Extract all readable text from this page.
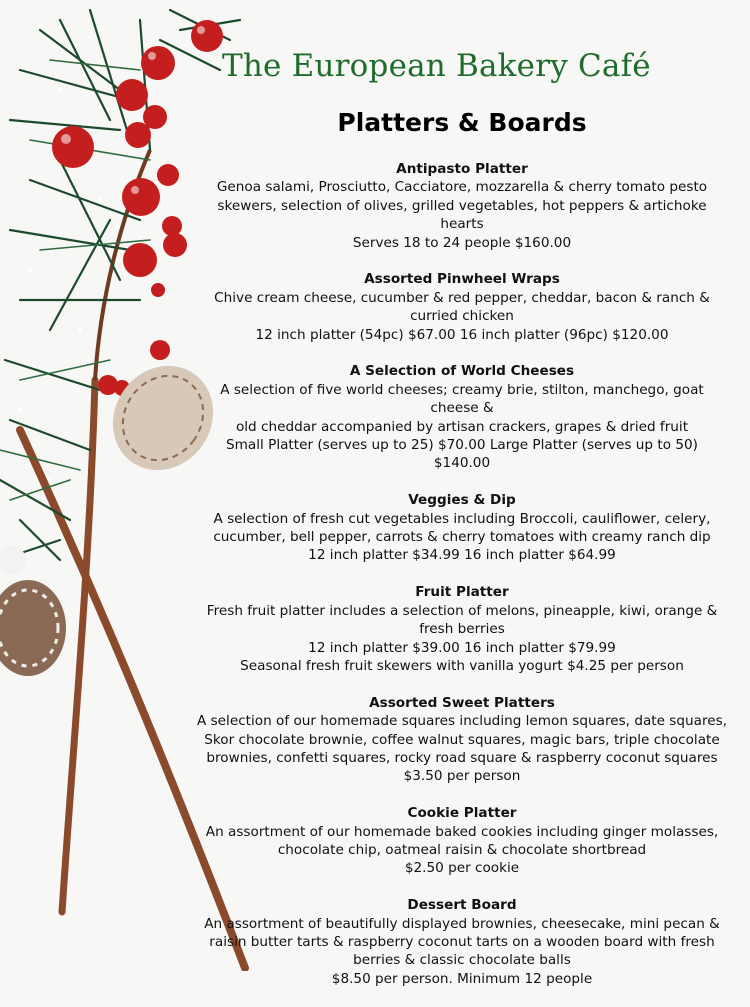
The European Bakery Café
Platters & Boards

Antipasto Platter

Genoa salami, Prosciutto, Cacciatore, mozzarella & cherry tomato pesto

skewers, selection of olives, grilled vegetables, hot peppers & artichoke hearts

Serves 18 to 24 people $160.00

Assorted Pinwheel Wraps

Chive cream cheese, cucumber & red pepper, cheddar, bacon & ranch &

curried chicken

12 inch platter (54pc) $67.00 16 inch platter (96pc) $120.00

A Selection of World Cheeses

A selection of five world cheeses; creamy brie, stilton, manchego, goat cheese &

old cheddar accompanied by artisan crackers, grapes & dried fruit

Small Platter (serves up to 25) $70.00 Large Platter (serves up to 50) $140.00

Veggies & Dip

A selection of fresh cut vegetables including Broccoli, cauliflower, celery,

cucumber, bell pepper, carrots & cherry tomatoes with creamy ranch dip

12 inch platter $34.99 16 inch platter $64.99

Fruit Platter

Fresh fruit platter includes a selection of melons, pineapple, kiwi, orange &

fresh berries

12 inch platter $39.00 16 inch platter $79.99

Seasonal fresh fruit skewers with vanilla yogurt $4.25 per person

Assorted Sweet Platters

A selection of our homemade squares including lemon squares, date squares,

Skor chocolate brownie, coffee walnut squares, magic bars, triple chocolate

brownies, confetti squares, rocky road square & raspberry coconut squares

$3.50 per person

Cookie Platter

An assortment of our homemade baked cookies including ginger molasses,

chocolate chip, oatmeal raisin & chocolate shortbread

$2.50 per cookie

Dessert Board

An assortment of beautifully displayed brownies, cheesecake, mini pecan &

raisin butter tarts & raspberry coconut tarts on a wooden board with fresh

berries & classic chocolate balls

$8.50 per person. Minimum 12 people
